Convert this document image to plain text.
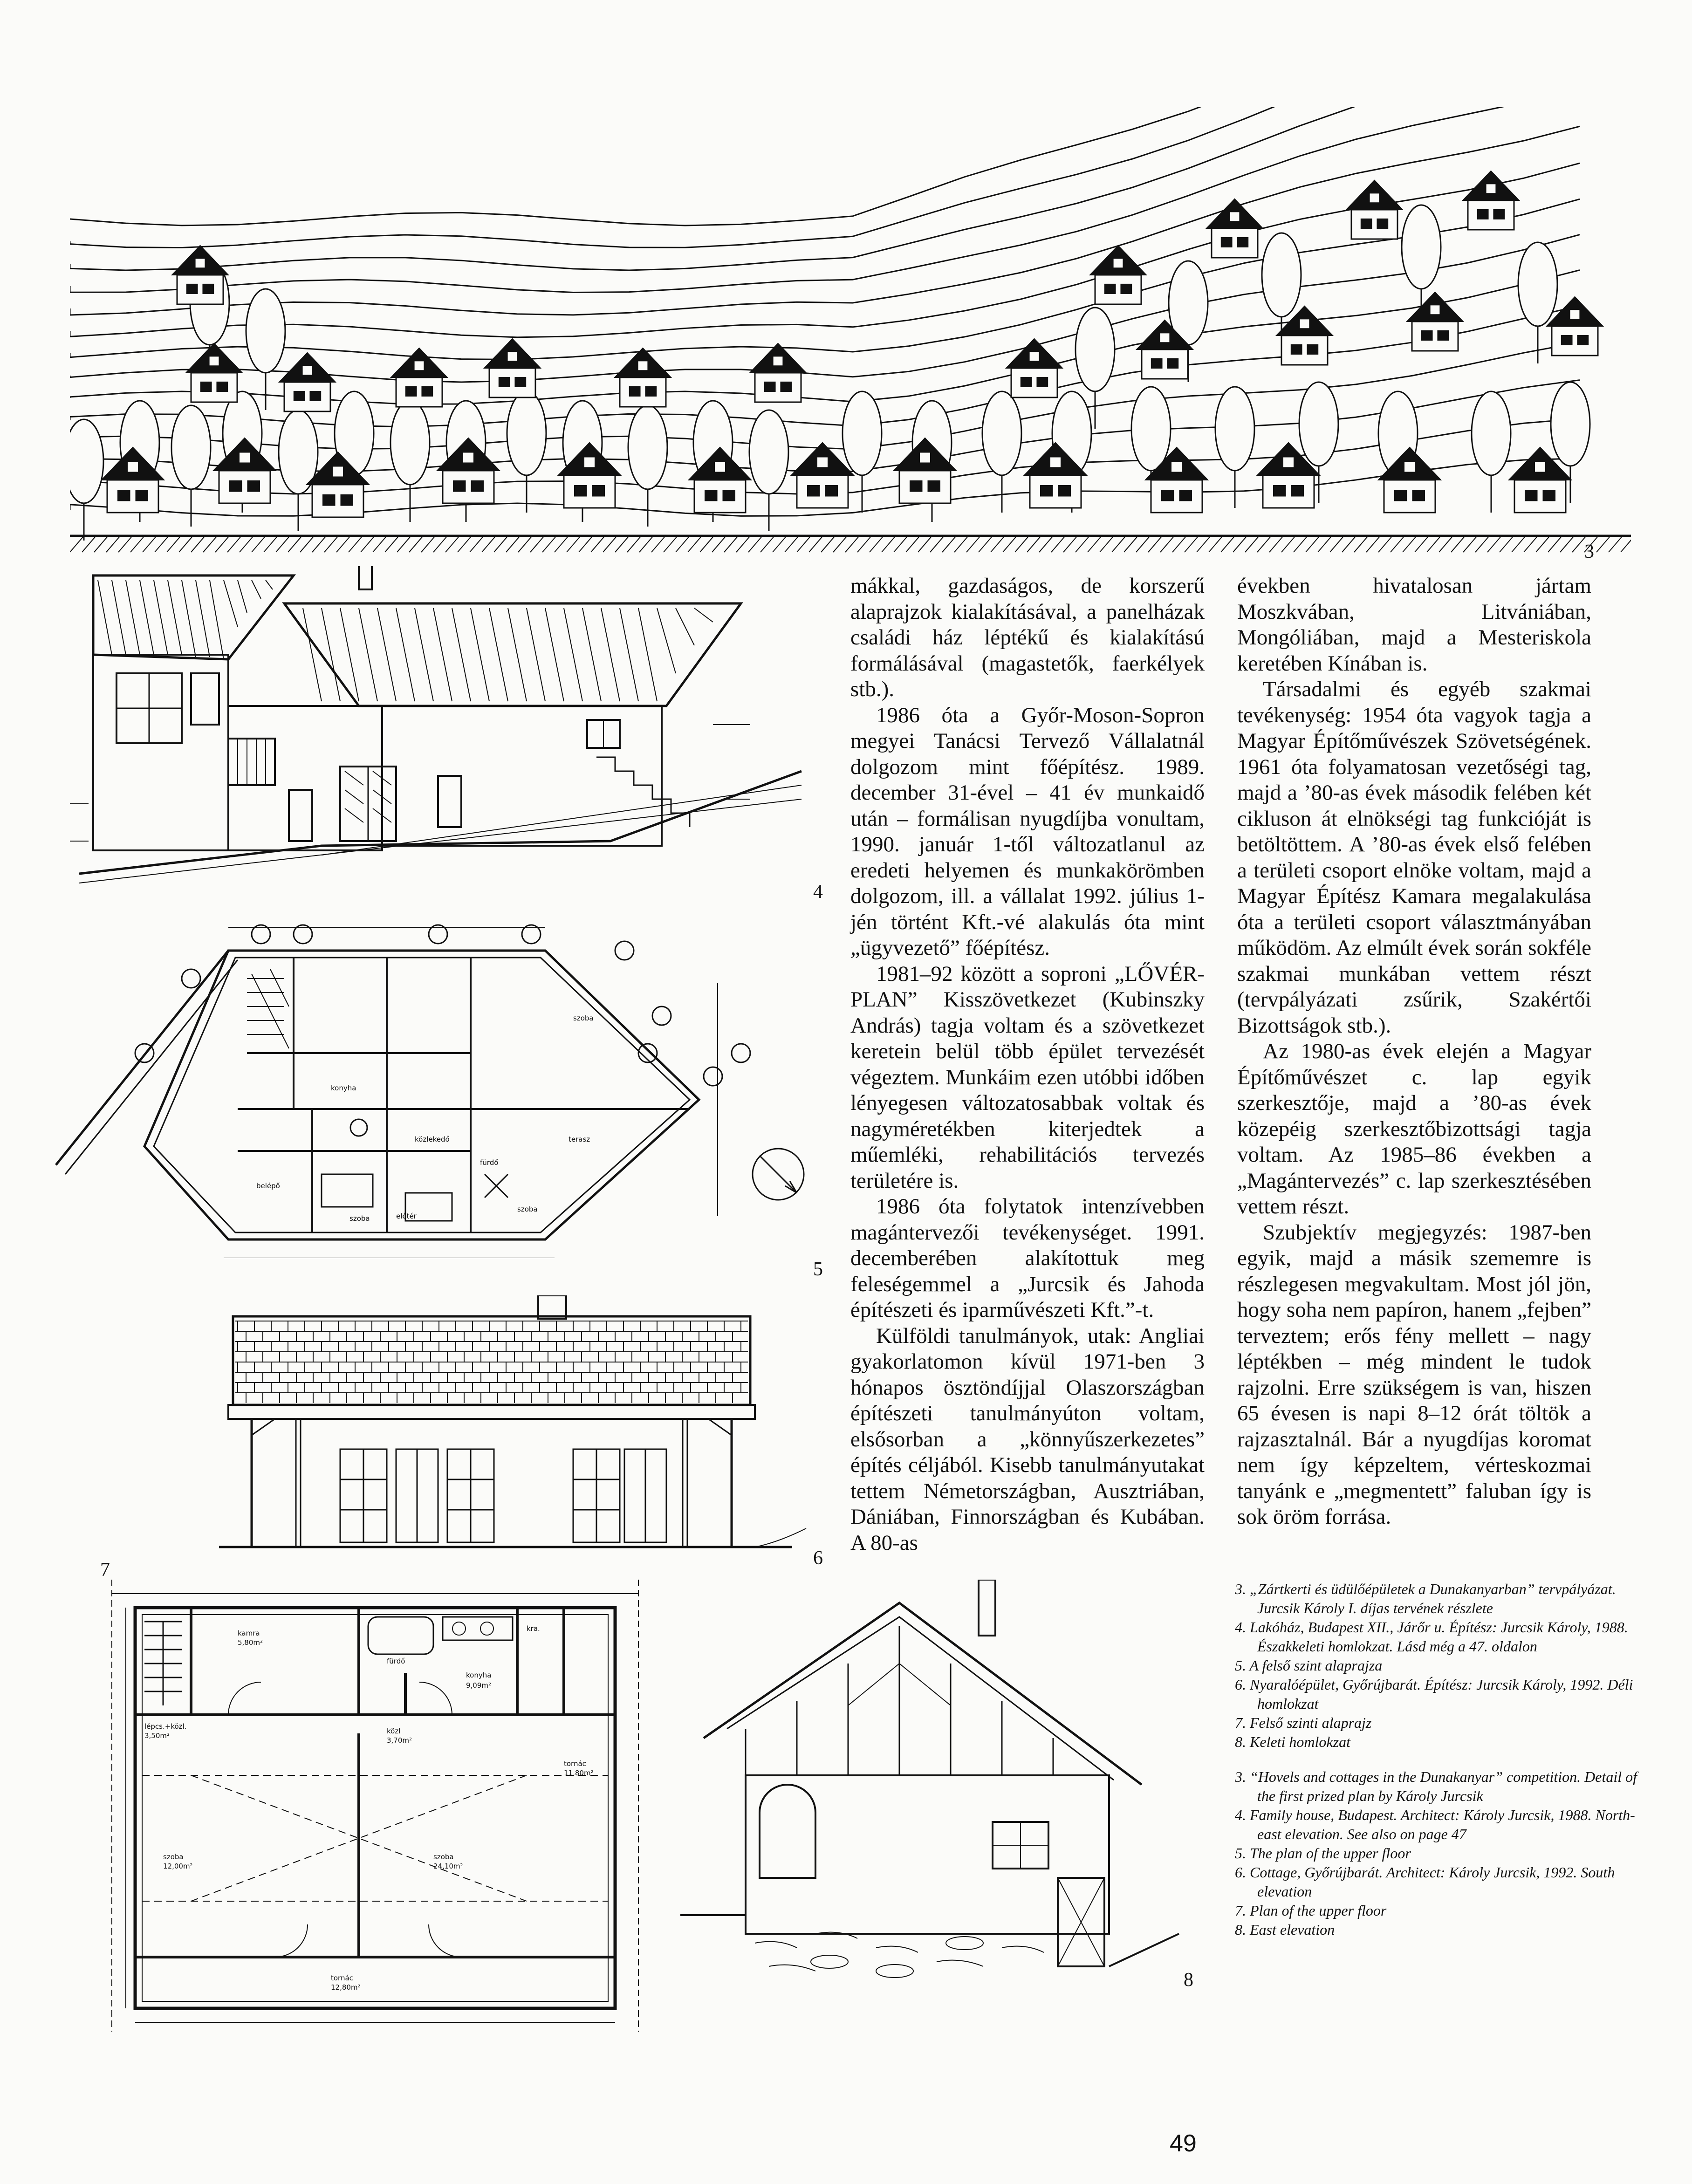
3
4
konyha
szoba
terasz
közlekedő
fürdő
szoba
szoba
belépő
előtér
5
6
7
kamra
5,80m²
kra.
fürdő
konyha
9,09m²
lépcs.+közl.
3,50m²
közl
3,70m²
tornác
11,80m²
szoba
12,00m²
szoba
24,10m²
tornác
12,80m²	8

mákkal, gazdaságos, de korszerű alaprajzok kialakításával, a panelházak családi ház léptékű és kialakítású formálásával (magastetők, faerkélyek stb.).

1986 óta a Győr-Moson-Sopron megyei Tanácsi Tervező Vállalatnál dolgozom mint főépítész. 1989. december 31-ével – 41 év munkaidő után – formálisan nyugdíjba vonultam, 1990. január 1-től változatlanul az eredeti helyemen és munkakörömben dolgozom, ill. a vállalat 1992. július 1-jén történt Kft.-vé alakulás óta mint „ügyvezető” főépítész.

1981–92 között a soproni „LŐVÉR-PLAN” Kisszövetkezet (Kubinszky András) tagja voltam és a szövetkezet keretein belül több épület tervezését végeztem. Munkáim ezen utóbbi időben lényegesen változatosabbak voltak és nagyméretékben kiterjedtek a műemléki, rehabilitációs tervezés területére is.

1986 óta folytatok intenzívebben magántervezői tevékenységet. 1991. decemberében alakítottuk meg feleségemmel a „Jurcsik és Jahoda építészeti és iparművészeti Kft.”-t.

Külföldi tanulmányok, utak: Angliai gyakorlatomon kívül 1971-ben 3 hónapos ösztöndíjjal Olaszországban építészeti tanulmányúton voltam, elsősorban a „könnyűszerkezetes” építés céljából. Kisebb tanulmányutakat tettem Németországban, Ausztriában, Dániában, Finnországban és Kubában. A 80-as

években hivatalosan jártam Moszkvában, Litvániában, Mongóliában, majd a Mesteriskola keretében Kínában is.

Társadalmi és egyéb szakmai tevékenység: 1954 óta vagyok tagja a Magyar Építőművészek Szövetségének. 1961 óta folyamatosan vezetőségi tag, majd a ’80-as évek második felében két cikluson át elnökségi tag funkcióját is betöltöttem. A ’80-as évek első felében a területi csoport elnöke voltam, majd a Magyar Építész Kamara megalakulása óta a területi csoport választmányában működöm. Az elmúlt évek során sokféle szakmai munkában vettem részt (tervpályázati zsűrik, Szakértői Bizottságok stb.).

Az 1980-as évek elején a Magyar Építőművészet c. lap egyik szerkesztője, majd a ’80-as évek közepéig szerkesztőbizottsági tagja voltam. Az 1985–86 években a „Magántervezés” c. lap szerkesztésében vettem részt.

Szubjektív megjegyzés: 1987-ben egyik, majd a másik szememre is részlegesen megvakultam. Most jól jön, hogy soha nem papíron, hanem „fejben” terveztem; erős fény mellett – nagy léptékben – még mindent le tudok rajzolni. Erre szükségem is van, hiszen 65 évesen is napi 8–12 órát töltök a rajzasztalnál. Bár a nyugdíjas koromat nem így képzeltem, vérteskozmai tanyánk e „megmentett” faluban így is sok öröm forrása.

3. „Zártkerti és üdülőépületek a Dunakanyarban” tervpályázat. Jurcsik Károly I. díjas tervének részlete
4. Lakóház, Budapest XII., Járőr u. Építész: Jurcsik Károly, 1988. Északkeleti homlokzat. Lásd még a 47. oldalon
5. A felső szint alaprajza
6. Nyaralóépület, Győrújbarát. Építész: Jurcsik Károly, 1992. Déli homlokzat
7. Felső szinti alaprajz
8. Keleti homlokzat
3. “Hovels and cottages in the Dunakanyar” competition. Detail of the first prized plan by Károly Jurcsik
4. Family house, Budapest. Architect: Károly Jurcsik, 1988. North-east elevation. See also on page 47
5. The plan of the upper floor
6. Cottage, Győrújbarát. Architect: Károly Jurcsik, 1992. South elevation
7. Plan of the upper floor
8. East elevation
49
